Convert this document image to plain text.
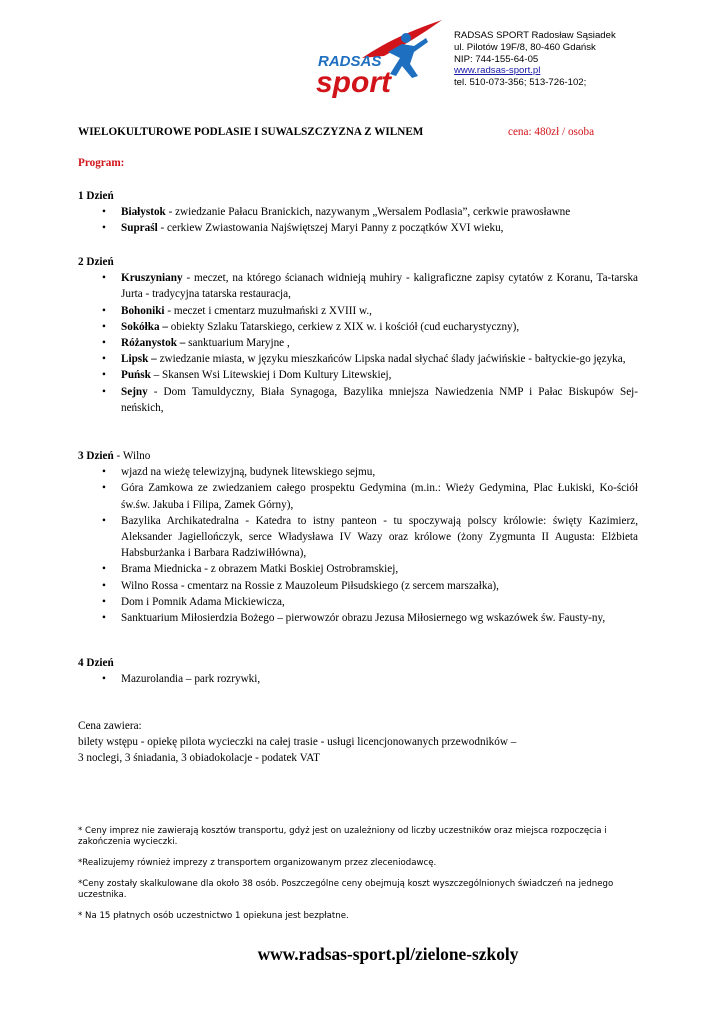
RADSAS
sport
RADSAS SPORT Radosław Sąsiadek
ul. Pilotów 19F/8, 80-460 Gdańsk
NIP: 744-155-64-05
www.radsas-sport.pl
tel. 510-073-356; 513-726-102;
WIELOKULTUROWE PODLASIE I SUWALSZCZYZNA Z WILNEM	cena: 480zł / osoba
Program:
1 Dzień
• Białystok - zwiedzanie Pałacu Branickich, nazywanym „Wersalem Podlasia”, cerkwie prawosławne
• Supraśl - cerkiew Zwiastowania Najświętszej Maryi Panny z początków XVI wieku,
2 Dzień
• Kruszyniany - meczet, na którego ścianach widnieją muhiry - kaligraficzne zapisy cytatów z Koranu, Ta-tarska Jurta - tradycyjna tatarska restauracja,
• Bohoniki - meczet i cmentarz muzułmański z XVIII w.,
• Sokółka – obiekty Szlaku Tatarskiego, cerkiew z XIX w. i kościół (cud eucharystyczny),
• Różanystok – sanktuarium Maryjne ,
• Lipsk – zwiedzanie miasta, w języku mieszkańców Lipska nadal słychać ślady jaćwińskie - bałtyckie-go języka,
• Puńsk – Skansen Wsi Litewskiej i Dom Kultury Litewskiej,
• Sejny - Dom Tamuldyczny, Biała Synagoga, Bazylika mniejsza Nawiedzenia NMP i Pałac Biskupów Sej-neńskich,
3 Dzień - Wilno
• wjazd na wieżę telewizyjną, budynek litewskiego sejmu,
• Góra Zamkowa ze zwiedzaniem całego prospektu Gedymina (m.in.: Wieży Gedymina, Plac Łukiski, Ko-ściół św.św. Jakuba i Filipa, Zamek Górny),
• Bazylika Archikatedralna - Katedra to istny panteon - tu spoczywają polscy królowie: święty Kazimierz, Aleksander Jagiellończyk, serce Władysława IV Wazy oraz królowe (żony Zygmunta II Augusta: Elżbieta Habsburżanka i Barbara Radziwiłłówna),
• Brama Miednicka - z obrazem Matki Boskiej Ostrobramskiej,
• Wilno Rossa - cmentarz na Rossie z Mauzoleum Piłsudskiego (z sercem marszałka),
• Dom i Pomnik Adama Mickiewicza,
• Sanktuarium Miłosierdzia Bożego – pierwowzór obrazu Jezusa Miłosiernego wg wskazówek św. Fausty-ny,
4 Dzień
• Mazurolandia – park rozrywki,
Cena zawiera:
bilety wstępu - opiekę pilota wycieczki na całej trasie - usługi licencjonowanych przewodników –
3 noclegi, 3 śniadania, 3 obiadokolacje - podatek VAT

* Ceny imprez nie zawierają kosztów transportu, gdyż jest on uzależniony od liczby uczestników oraz miejsca rozpoczęcia i zakończenia wycieczki.

*Realizujemy również imprezy z transportem organizowanym przez zleceniodawcę.

*Ceny zostały skalkulowane dla około 38 osób. Poszczególne ceny obejmują koszt wyszczególnionych świadczeń na jednego uczestnika.

* Na 15 płatnych osób uczestnictwo 1 opiekuna jest bezpłatne.

www.radsas-sport.pl/zielone-szkoly
